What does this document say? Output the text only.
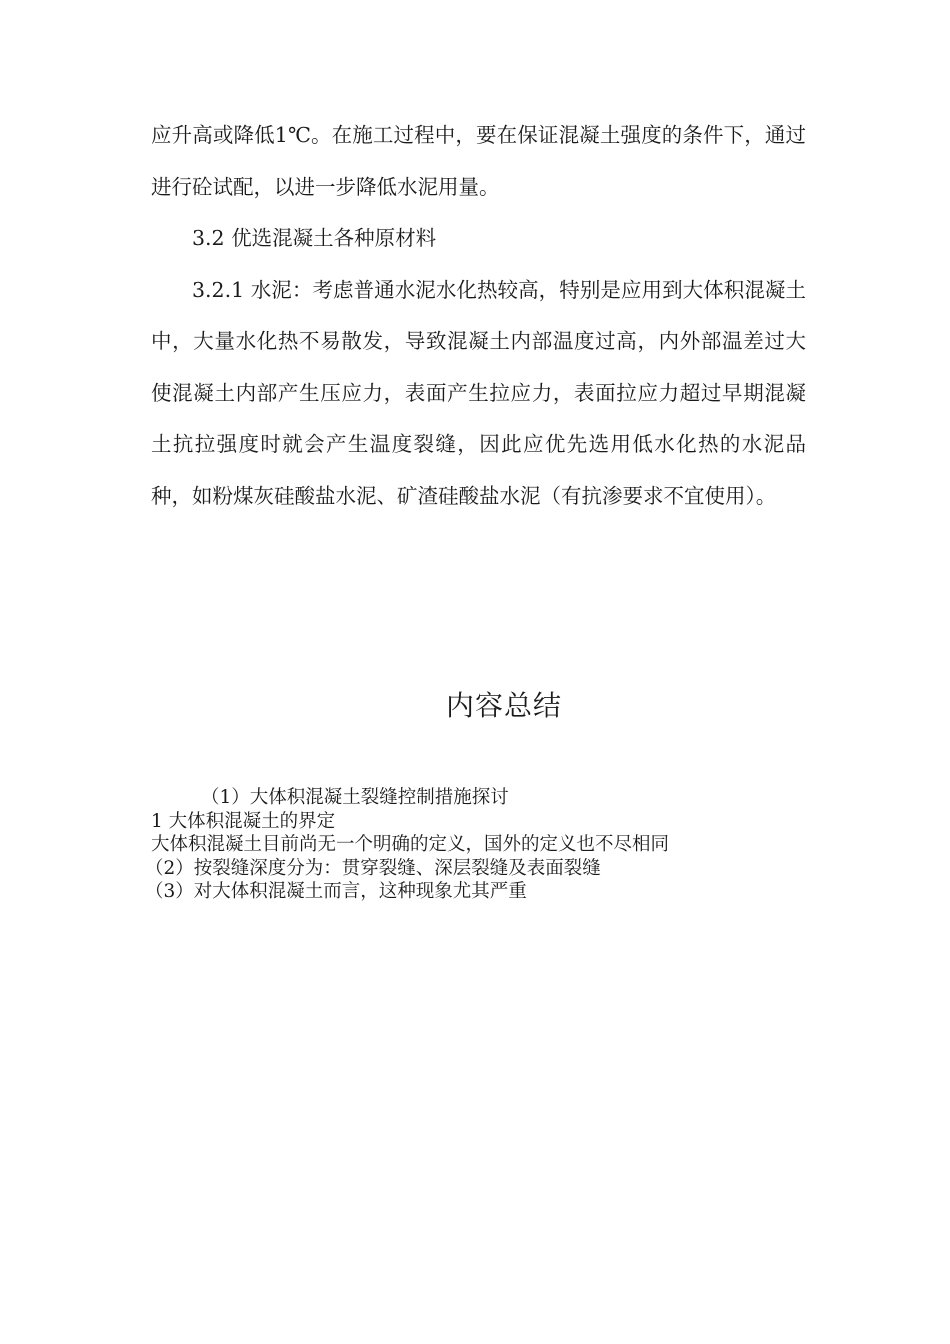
应升高或降低1℃。在施工过程中，要在保证混凝土强度的条件下，通过进行砼试配，以进一步降低水泥用量。

3.2 优选混凝土各种原材料

3.2.1 水泥：考虑普通水泥水化热较高，特别是应用到大体积混凝土中，大量水化热不易散发，导致混凝土内部温度过高，内外部温差过大使混凝土内部产生压应力，表面产生拉应力，表面拉应力超过早期混凝土抗拉强度时就会产生温度裂缝，因此应优先选用低水化热的水泥品种，如粉煤灰硅酸盐水泥、矿渣硅酸盐水泥（有抗渗要求不宜使用）。

内容总结

（1）大体积混凝土裂缝控制措施探讨

1 大体积混凝土的界定

大体积混凝土目前尚无一个明确的定义，国外的定义也不尽相同

（2）按裂缝深度分为：贯穿裂缝、深层裂缝及表面裂缝

（3）对大体积混凝土而言，这种现象尤其严重
